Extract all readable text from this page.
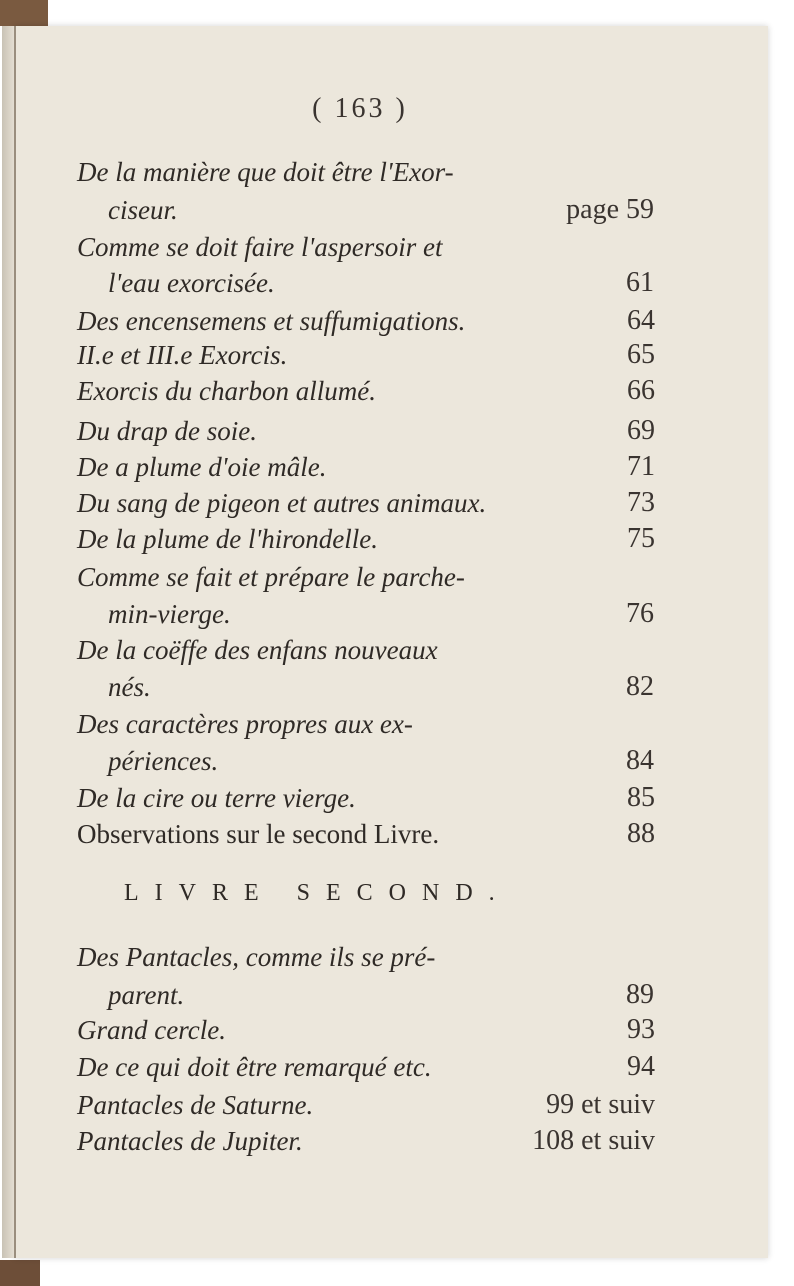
( 163 )
De la manière que doit être l'Exor-
ciseur.	page 59
Comme se doit faire l'aspersoir et
l'eau exorcisée.	61
Des encensemens et suffumigations.	64
II.e et III.e Exorcis.	65
Exorcis du charbon allumé.	66
Du drap de soie.	69
De a plume d'oie mâle.	71
Du sang de pigeon et autres animaux.	73
De la plume de l'hirondelle.	75
Comme se fait et prépare le parche-
min-vierge.	76
De la coëffe des enfans nouveaux
nés.	82
Des caractères propres aux ex-
périences.	84
De la cire ou terre vierge.	85
Observations sur le second Livre.	88
LIVRE SECOND.
Des Pantacles, comme ils se pré-
parent.	89
Grand cercle.	93
De ce qui doit être remarqué etc.	94
Pantacles de Saturne.	99 et suiv
Pantacles de Jupiter.	108 et suiv
